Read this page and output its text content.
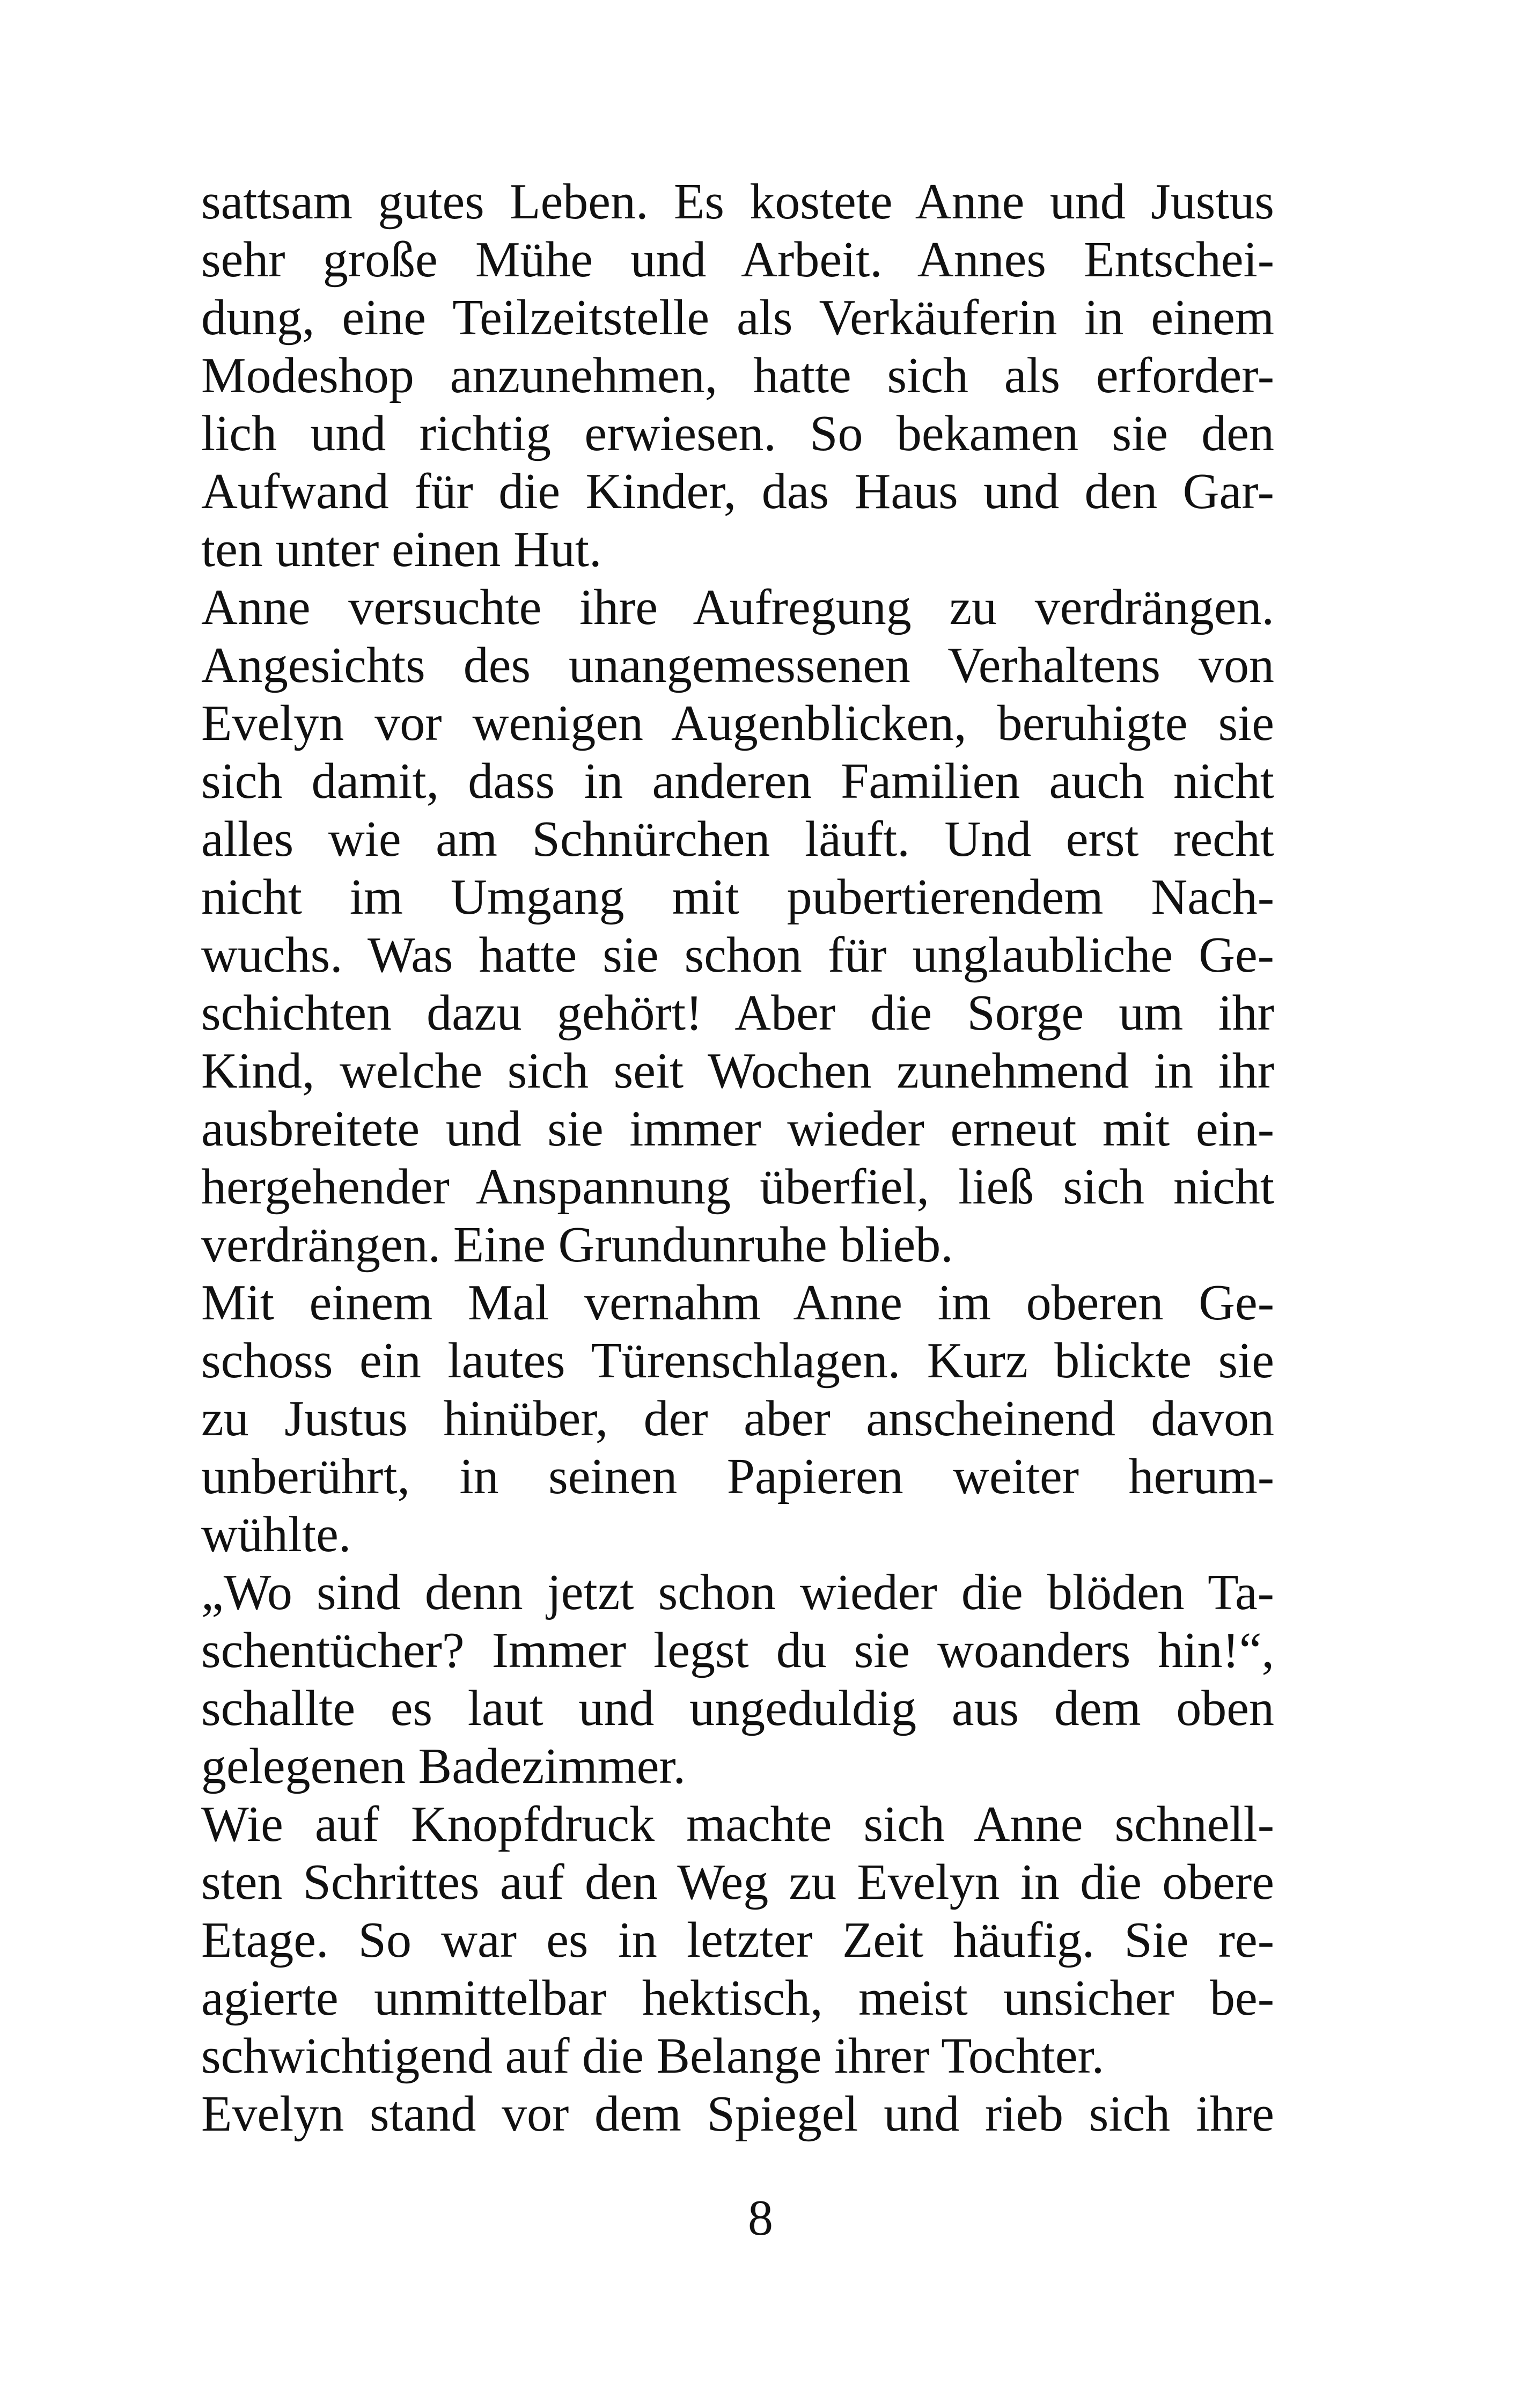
sattsam gutes Leben. Es kostete Anne und Justus
sehr große Mühe und Arbeit. Annes Entschei-
dung, eine Teilzeitstelle als Verkäuferin in einem
Modeshop anzunehmen, hatte sich als erforder-
lich und richtig erwiesen. So bekamen sie den
Aufwand für die Kinder, das Haus und den Gar-
ten unter einen Hut.
Anne versuchte ihre Aufregung zu verdrängen.
Angesichts des unangemessenen Verhaltens von
Evelyn vor wenigen Augenblicken, beruhigte sie
sich damit, dass in anderen Familien auch nicht
alles wie am Schnürchen läuft. Und erst recht
nicht im Umgang mit pubertierendem Nach-
wuchs. Was hatte sie schon für unglaubliche Ge-
schichten dazu gehört! Aber die Sorge um ihr
Kind, welche sich seit Wochen zunehmend in ihr
ausbreitete und sie immer wieder erneut mit ein-
hergehender Anspannung überfiel, ließ sich nicht
verdrängen. Eine Grundunruhe blieb.
Mit einem Mal vernahm Anne im oberen Ge-
schoss ein lautes Türenschlagen. Kurz blickte sie
zu Justus hinüber, der aber anscheinend davon
unberührt, in seinen Papieren weiter herum-
wühlte.
„Wo sind denn jetzt schon wieder die blöden Ta-
schentücher? Immer legst du sie woanders hin!“,
schallte es laut und ungeduldig aus dem oben
gelegenen Badezimmer.
Wie auf Knopfdruck machte sich Anne schnell-
sten Schrittes auf den Weg zu Evelyn in die obere
Etage. So war es in letzter Zeit häufig. Sie re-
agierte unmittelbar hektisch, meist unsicher be-
schwichtigend auf die Belange ihrer Tochter.
Evelyn stand vor dem Spiegel und rieb sich ihre
8
